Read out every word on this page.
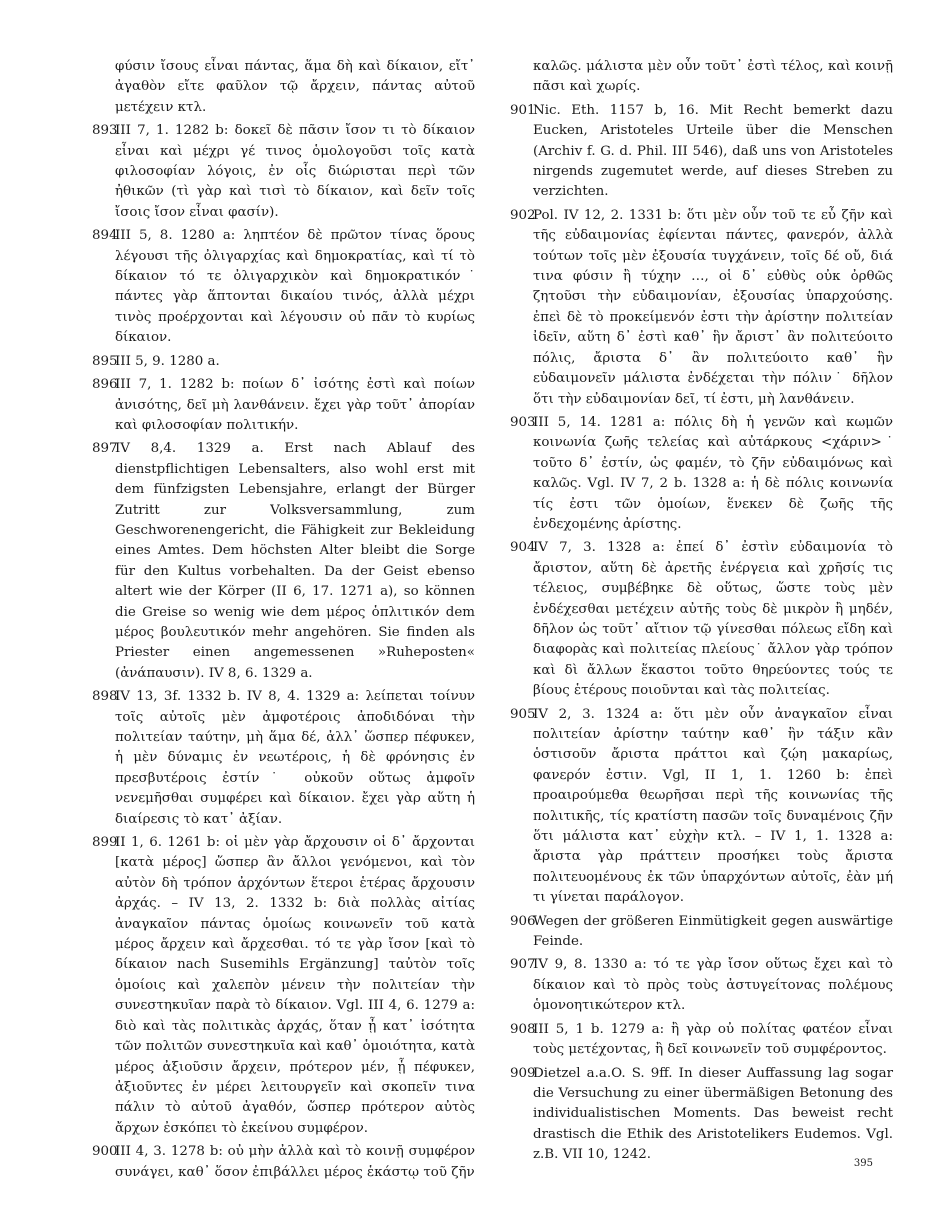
φύσιν ἴσους εἶναι πάντας, ἅμα δὴ καὶ δίκαιον, εἴτ᾽ ἀγαθὸν εἴτε φαῦλον τῷ ἄρχειν, πάντας αὐτοῦ μετέχειν κτλ.
893
III 7, 1. 1282 b: δοκεῖ δὲ πᾶσιν ἴσον τι τὸ δίκαιον εἶναι καὶ μέχρι γέ τινος ὁμολογοῦσι τοῖς κατὰ φιλοσοφίαν λόγοις, ἐν οἷς διώρισται περὶ τῶν ἠθικῶν (τὶ γὰρ καὶ τισὶ τὸ δίκαιον, καὶ δεῖν τοῖς ἴσοις ἴσον εἶναι φασίν).
894
III 5, 8. 1280 a: ληπτέον δὲ πρῶτον τίνας ὅρους λέγουσι τῆς ὀλιγαρχίας καὶ δημοκρατίας, καὶ τί τὸ δίκαιον τό τε ὀλιγαρχικὸν καὶ δημοκρατικόν˙ πάντες γὰρ ἅπτονται δικαίου τινός, ἀλλὰ μέχρι τινὸς προέρχονται καὶ λέγουσιν οὐ πᾶν τὸ κυρίως δίκαιον.
895
III 5, 9. 1280 a.
896
III 7, 1. 1282 b: ποίων δ᾽ ἰσότης ἐστὶ καὶ ποίων ἀνισότης, δεῖ μὴ λανθάνειν. ἔχει γὰρ τοῦτ᾽ ἀπορίαν καὶ φιλοσοφίαν πολιτικήν.
897
IV 8,4. 1329 a. Erst nach Ablauf des dienstpflichtigen Lebensalters, also wohl erst mit dem fünfzigsten Lebensjahre, erlangt der Bürger Zutritt zur Volksversammlung, zum Geschworenengericht, die Fähigkeit zur Bekleidung eines Amtes. Dem höchsten Alter bleibt die Sorge für den Kultus vorbehalten. Da der Geist ebenso altert wie der Körper (II 6, 17. 1271 a), so können die Greise so wenig wie dem μέρος ὁπλιτικόν dem μέρος βουλευτικόν mehr angehören. Sie finden als Priester einen angemessenen »Ruheposten« (ἀνάπαυσιν). IV 8, 6. 1329 a.
898
IV 13, 3f. 1332 b. IV 8, 4. 1329 a: λείπεται τοίνυν τοῖς αὐτοῖς μὲν ἀμφοτέροις ἀποδιδόναι τὴν πολιτείαν ταύτην, μὴ ἅμα δέ, ἀλλ᾽ ὥσπερ πέφυκεν, ἡ μὲν δύναμις ἐν νεωτέροις, ἡ δὲ φρόνησις ἐν πρεσβυτέροις ἐστίν˙ οὐκοῦν οὕτως ἀμφοῖν νενεμῆσθαι συμφέρει καὶ δίκαιον. ἔχει γὰρ αὕτη ἡ διαίρεσις τὸ κατ᾽ ἀξίαν.
899
II 1, 6. 1261 b: οἱ μὲν γὰρ ἄρχουσιν οἱ δ᾽ ἄρχονται [κατὰ μέρος] ὥσπερ ἂν ἄλλοι γενόμενοι, καὶ τὸν αὐτὸν δὴ τρόπον ἀρχόντων ἕτεροι ἑτέρας ἄρχουσιν ἀρχάς. – IV 13, 2. 1332 b: διὰ πολλὰς αἰτίας ἀναγκαῖον πάντας ὁμοίως κοινωνεῖν τοῦ κατὰ μέρος ἄρχειν καὶ ἄρχεσθαι. τό τε γὰρ ἴσον [καὶ τὸ δίκαιον nach Susemihls Ergänzung] ταὐτὸν τοῖς ὁμοίοις καὶ χαλεπὸν μένειν τὴν πολιτείαν τὴν συνεστηκυῖαν παρὰ τὸ δίκαιον. Vgl. III 4, 6. 1279 a: διὸ καὶ τὰς πολιτικὰς ἀρχάς, ὅταν ᾖ κατ᾽ ἰσότητα τῶν πολιτῶν συνεστηκυῖα καὶ καθ᾽ ὁμοιότητα, κατὰ μέρος ἀξιοῦσιν ἄρχειν, πρότερον μέν, ᾗ πέφυκεν, ἀξιοῦντες ἐν μέρει λειτουργεῖν καὶ σκοπεῖν τινα πάλιν τὸ αὐτοῦ ἀγαθόν, ὥσπερ πρότερον αὐτὸς ἄρχων ἐσκόπει τὸ ἐκείνου συμφέρον.
900
III 4, 3. 1278 b: οὐ μὴν ἀλλὰ καὶ τὸ κοινῇ συμφέρον συνάγει, καθ᾽ ὅσον ἐπιβάλλει μέρος ἑκάστῳ τοῦ ζῆν
καλῶς. μάλιστα μὲν οὖν τοῦτ᾽ ἐστὶ τέλος, καὶ κοινῇ πᾶσι καὶ χωρίς.
901
Nic. Eth. 1157 b, 16. Mit Recht bemerkt dazu Eucken, Aristoteles Urteile über die Menschen (Archiv f. G. d. Phil. III 546), daß uns von Aristoteles nirgends zugemutet werde, auf dieses Streben zu verzichten.
902
Pol. IV 12, 2. 1331 b: ὅτι μὲν οὖν τοῦ τε εὖ ζῆν καὶ τῆς εὐδαιμονίας ἐφίενται πάντες, φανερόν, ἀλλὰ τούτων τοῖς μὲν ἐξουσία τυγχάνειν, τοῖς δέ οὔ, διά τινα φύσιν ἢ τύχην …, οἱ δ᾽ εὐθὺς οὐκ ὀρθῶς ζητοῦσι τὴν εὐδαιμονίαν, ἐξουσίας ὑπαρχούσης. ἐπεὶ δὲ τὸ προκείμενόν ἐστι τὴν ἀρίστην πολιτείαν ἰδεῖν, αὕτη δ᾽ ἐστὶ καθ᾽ ἣν ἄριστ᾽ ἂν πολιτεύοιτο πόλις, ἄριστα δ᾽ ἂν πολιτεύοιτο καθ᾽ ἣν εὐδαιμονεῖν μάλιστα ἐνδέχεται τὴν πόλιν˙ δῆλον ὅτι τὴν εὐδαιμονίαν δεῖ, τί ἐστι, μὴ λανθάνειν.
903
III 5, 14. 1281 a: πόλις δὴ ἡ γενῶν καὶ κωμῶν κοινωνία ζωῆς τελείας καὶ αὐτάρκους <χάριν>˙ τοῦτο δ᾽ ἐστίν, ὡς φαμέν, τὸ ζῆν εὐδαιμόνως καὶ καλῶς. Vgl. IV 7, 2 b. 1328 a: ἡ δὲ πόλις κοινωνία τίς ἐστι τῶν ὁμοίων, ἕνεκεν δὲ ζωῆς τῆς ἐνδεχομένης ἀρίστης.
904
IV 7, 3. 1328 a: ἐπεί δ᾽ ἐστὶν εὐδαιμονία τὸ ἄριστον, αὕτη δὲ ἀρετῆς ἐνέργεια καὶ χρῆσίς τις τέλειος, συμβέβηκε δὲ οὕτως, ὥστε τοὺς μὲν ἐνδέχεσθαι μετέχειν αὐτῆς τοὺς δὲ μικρὸν ἢ μηδέν, δῆλον ὡς τοῦτ᾽ αἴτιον τῷ γίνεσθαι πόλεως εἴδη καὶ διαφορὰς καὶ πολιτείας πλείους˙ ἄλλον γὰρ τρόπον καὶ δὶ ἄλλων ἕκαστοι τοῦτο θηρεύοντες τούς τε βίους ἑτέρους ποιοῦνται καὶ τὰς πολιτείας.
905
IV 2, 3. 1324 a: ὅτι μὲν οὖν ἀναγκαῖον εἶναι πολιτείαν ἀρίστην ταύτην καθ᾽ ἣν τάξιν κἂν ὁστισοῦν ἄριστα πράττοι καὶ ζῴη μακαρίως, φανερόν ἐστιν. Vgl, II 1, 1. 1260 b: ἐπεὶ προαιρούμεθα θεωρῆσαι περὶ τῆς κοινωνίας τῆς πολιτικῆς, τίς κρατίστη πασῶν τοῖς δυναμένοις ζῆν ὅτι μάλιστα κατ᾽ εὐχὴν κτλ. – IV 1, 1. 1328 a: ἄριστα γὰρ πράττειν προσήκει τοὺς ἄριστα πολιτευομένους ἐκ τῶν ὑπαρχόντων αὐτοῖς, ἐὰν μή τι γίνεται παράλογον.
906
Wegen der größeren Einmütigkeit gegen auswärtige Feinde.
907
IV 9, 8. 1330 a: τό τε γὰρ ἴσον οὕτως ἔχει καὶ τὸ δίκαιον καὶ τὸ πρὸς τοὺς ἀστυγείτονας πολέμους ὁμονοητικώτερον κτλ.
908
III 5, 1 b. 1279 a: ἢ γὰρ οὐ πολίτας φατέον εἶναι τοὺς μετέχοντας, ἢ δεῖ κοινωνεῖν τοῦ συμφέροντος.
909
Dietzel a.a.O. S. 9ff. In dieser Auffassung lag sogar die Versuchung zu einer übermäßigen Betonung des individualistischen Moments. Das beweist recht drastisch die Ethik des Aristotelikers Eudemos. Vgl. z.B. VII 10, 1242.
395
